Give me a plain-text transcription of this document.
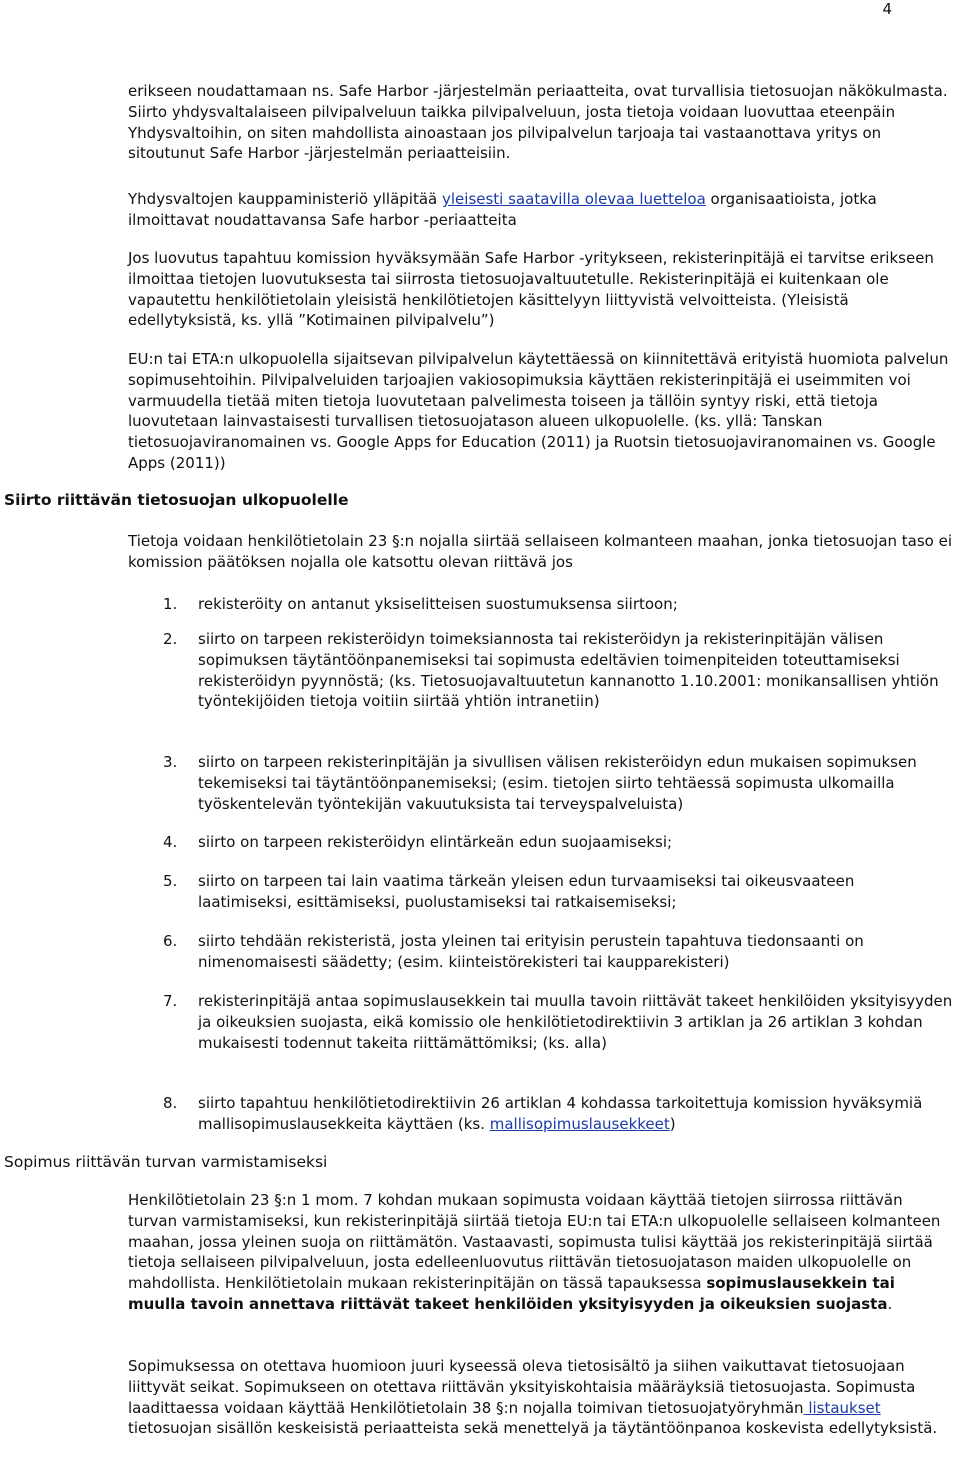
4

erikseen noudattamaan ns. Safe Harbor -järjestelmän periaatteita, ovat turvallisia tietosuojan näkökulmasta. Siirto yhdysvaltalaiseen pilvipalveluun taikka pilvipalveluun, josta tietoja voidaan luovuttaa eteenpäin Yhdysvaltoihin, on siten mahdollista ainoastaan jos pilvipalvelun tarjoaja tai vastaanottava yritys on sitoutunut Safe Harbor -järjestelmän periaatteisiin.

Yhdysvaltojen kauppaministeriö ylläpitää yleisesti saatavilla olevaa luetteloa organisaatioista, jotka ilmoittavat noudattavansa Safe harbor -periaatteita

Jos luovutus tapahtuu komission hyväksymään Safe Harbor -yritykseen, rekisterinpitäjä ei tarvitse erikseen ilmoittaa tietojen luovutuksesta tai siirrosta tietosuojavaltuutetulle. Rekisterinpitäjä ei kuitenkaan ole vapautettu henkilötietolain yleisistä henkilötietojen käsittelyyn liittyvistä velvoitteista. (Yleisistä edellytyksistä, ks. yllä ”Kotimainen pilvipalvelu”)

EU:n tai ETA:n ulkopuolella sijaitsevan pilvipalvelun käytettäessä on kiinnitettävä erityistä huomiota palvelun sopimusehtoihin. Pilvipalveluiden tarjoajien vakiosopimuksia käyttäen rekisterinpitäjä ei useimmiten voi varmuudella tietää miten tietoja luovutetaan palvelimesta toiseen ja tällöin syntyy riski, että tietoja luovutetaan lainvastaisesti turvallisen tietosuojatason alueen ulkopuolelle. (ks. yllä: Tanskan tietosuojaviranomainen vs. Google Apps for Education (2011) ja Ruotsin tietosuojaviranomainen vs. Google Apps (2011))

Siirto riittävän tietosuojan ulkopuolelle

Tietoja voidaan henkilötietolain 23 §:n nojalla siirtää sellaiseen kolmanteen maahan, jonka tietosuojan taso ei komission päätöksen nojalla ole katsottu olevan riittävä jos

1. rekisteröity on antanut yksiselitteisen suostumuksensa siirtoon;
2. siirto on tarpeen rekisteröidyn toimeksiannosta tai rekisteröidyn ja rekisterinpitäjän välisen sopimuksen täytäntöönpanemiseksi tai sopimusta edeltävien toimenpiteiden toteuttamiseksi rekisteröidyn pyynnöstä; (ks. Tietosuojavaltuutetun kannanotto 1.10.2001: monikansallisen yhtiön työntekijöiden tietoja voitiin siirtää yhtiön intranetiin)
3. siirto on tarpeen rekisterinpitäjän ja sivullisen välisen rekisteröidyn edun mukaisen sopimuksen tekemiseksi tai täytäntöönpanemiseksi; (esim. tietojen siirto tehtäessä sopimusta ulkomailla työskentelevän työntekijän vakuutuksista tai terveyspalveluista)
4. siirto on tarpeen rekisteröidyn elintärkeän edun suojaamiseksi;
5. siirto on tarpeen tai lain vaatima tärkeän yleisen edun turvaamiseksi tai oikeusvaateen laatimiseksi, esittämiseksi, puolustamiseksi tai ratkaisemiseksi;
6. siirto tehdään rekisteristä, josta yleinen tai erityisin perustein tapahtuva tiedonsaanti on nimenomaisesti säädetty; (esim. kiinteistörekisteri tai kaupparekisteri)
7. rekisterinpitäjä antaa sopimuslausekkein tai muulla tavoin riittävät takeet henkilöiden yksityisyyden ja oikeuksien suojasta, eikä komissio ole henkilötietodirektiivin 3 artiklan ja 26 artiklan 3 kohdan mukaisesti todennut takeita riittämättömiksi; (ks. alla)
8. siirto tapahtuu henkilötietodirektiivin 26 artiklan 4 kohdassa tarkoitettuja komission hyväksymiä mallisopimuslausekkeita käyttäen (ks. mallisopimuslausekkeet)
Sopimus riittävän turvan varmistamiseksi

Henkilötietolain 23 §:n 1 mom. 7 kohdan mukaan sopimusta voidaan käyttää tietojen siirrossa riittävän turvan varmistamiseksi, kun rekisterinpitäjä siirtää tietoja EU:n tai ETA:n ulkopuolelle sellaiseen kolmanteen maahan, jossa yleinen suoja on riittämätön. Vastaavasti, sopimusta tulisi käyttää jos rekisterinpitäjä siirtää tietoja sellaiseen pilvipalveluun, josta edelleenluovutus riittävän tietosuojatason maiden ulkopuolelle on mahdollista. Henkilötietolain mukaan rekisterinpitäjän on tässä tapauksessa sopimuslausekkein tai muulla tavoin annettava riittävät takeet henkilöiden yksityisyyden ja oikeuksien suojasta.

Sopimuksessa on otettava huomioon juuri kyseessä oleva tietosisältö ja siihen vaikuttavat tietosuojaan liittyvät seikat. Sopimukseen on otettava riittävän yksityiskohtaisia määräyksiä tietosuojasta. Sopimusta laadittaessa voidaan käyttää Henkilötietolain 38 §:n nojalla toimivan tietosuojatyöryhmän listaukset tietosuojan sisällön keskeisistä periaatteista sekä menettelyä ja täytäntöönpanoa koskevista edellytyksistä.
